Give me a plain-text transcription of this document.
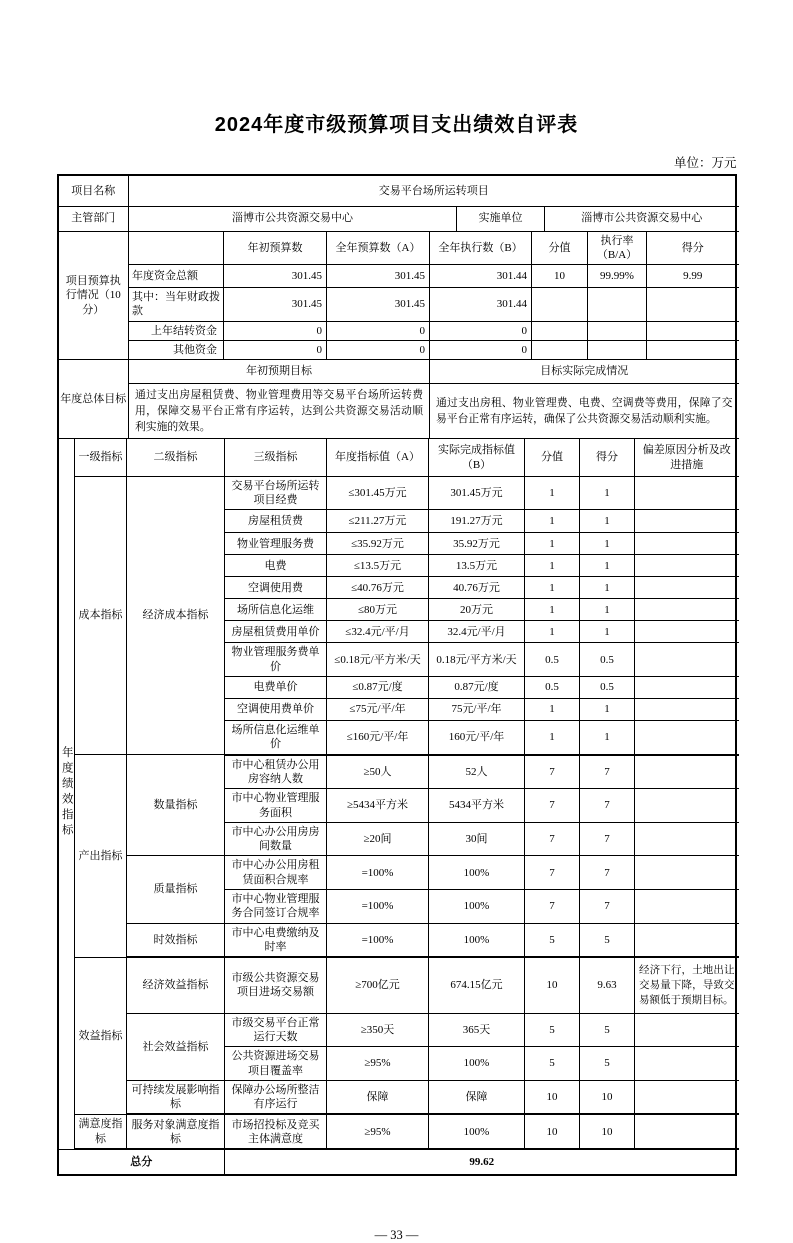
2024年度市级预算项目支出绩效自评表
单位：万元
项目名称	交易平台场所运转项目		
主管部门	淄博市公共资源交易中心	实施单位	淄博市公共资源交易中心
项目预算执行情况（10分）		年初预算数	全年预算数（A）	全年执行数（B）	分值	执行率（B/A）	得分
	年度资金总额	301.45	301.45	301.44	10	99.99%	9.99
	其中：当年财政拨款	301.45	301.45	301.44			
	上年结转资金	0	0	0			
	其他资金	0	0	0			
年度总体目标	年初预期目标	目标实际完成情况
	通过支出房屋租赁费、物业管理费用等交易平台场所运转费用，保障交易平台正常有序运转，达到公共资源交易活动顺利实施的效果。	通过支出房租、物业管理费、电费、空调费等费用，保障了交易平台正常有序运转，确保了公共资源交易活动顺利实施。
年度绩效指标	一级指标	二级指标	三级指标	年度指标值（A）	实际完成指标值（B）	分值	得分	偏差原因分析及改进措施
	成本指标	经济成本指标	交易平台场所运转项目经费	≤301.45万元	301.45万元	1	1	
			房屋租赁费	≤211.27万元	191.27万元	1	1	
			物业管理服务费	≤35.92万元	35.92万元	1	1	
			电费	≤13.5万元	13.5万元	1	1	
			空调使用费	≤40.76万元	40.76万元	1	1	
			场所信息化运维	≤80万元	20万元	1	1	
			房屋租赁费用单价	≤32.4元/平/月	32.4元/平/月	1	1	
			物业管理服务费单价	≤0.18元/平方米/天	0.18元/平方米/天	0.5	0.5	
			电费单价	≤0.87元/度	0.87元/度	0.5	0.5	
			空调使用费单价	≤75元/平/年	75元/平/年	1	1	
			场所信息化运维单价	≤160元/平/年	160元/平/年	1	1	
	产出指标	数量指标	市中心租赁办公用房容纳人数	≥50人	52人	7	7	
			市中心物业管理服务面积	≥5434平方米	5434平方米	7	7	
			市中心办公用房房间数量	≥20间	30间	7	7	
		质量指标	市中心办公用房租赁面积合规率	=100%	100%	7	7	
			市中心物业管理服务合同签订合规率	=100%	100%	7	7	
		时效指标	市中心电费缴纳及时率	=100%	100%	5	5	
	效益指标	经济效益指标	市级公共资源交易项目进场交易额	≥700亿元	674.15亿元	10	9.63	经济下行，土地出让交易量下降，导致交易额低于预期目标。
		社会效益指标	市级交易平台正常运行天数	≥350天	365天	5	5	
			公共资源进场交易项目覆盖率	≥95%	100%	5	5	
		可持续发展影响指标	保障办公场所整洁有序运行	保障	保障	10	10	
	满意度指标	服务对象满意度指标	市场招投标及竞买主体满意度	≥95%	100%	10	10	
总分	99.62
— 33 —
